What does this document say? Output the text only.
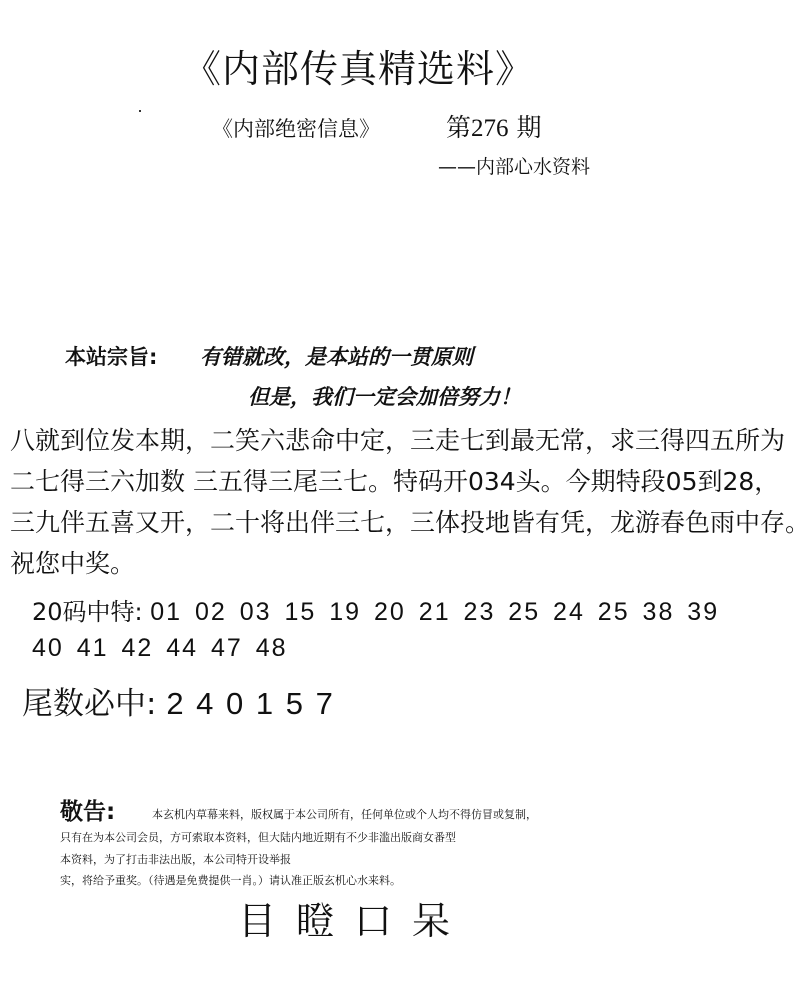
《内部传真精选料》
《内部绝密信息》	第276 期
——内部心水资料
本站宗旨: 有错就改，是本站的一贯原则
但是，我们一定会加倍努力！
八就到位发本期，二笑六悲命中定，三走七到最无常，求三得四五所为
二七得三六加数 三五得三尾三七。特码开034头。今期特段05到28，
三九伴五喜又开，二十将出伴三七，三体投地皆有凭，龙游春色雨中存。
祝您中奖。
20码中特: 01 02 03 15 19 20 21 23 25 24 25 38 39
40 41 42 44 47 48
尾数必中: 2 4 0 1 5 7
敬告:	本玄机内草幕来料，版权属于本公司所有，任何单位或个人均不得仿冒或复制，
只有在为本公司会员，方可索取本资料，但大陆内地近期有不少非滥出版商女番型
本资料，为了打击非法出版，本公司特开设举报
实，将给予重奖。（待遇是免费提供一肖。）请认准正版玄机心水来料。
目瞪口呆
